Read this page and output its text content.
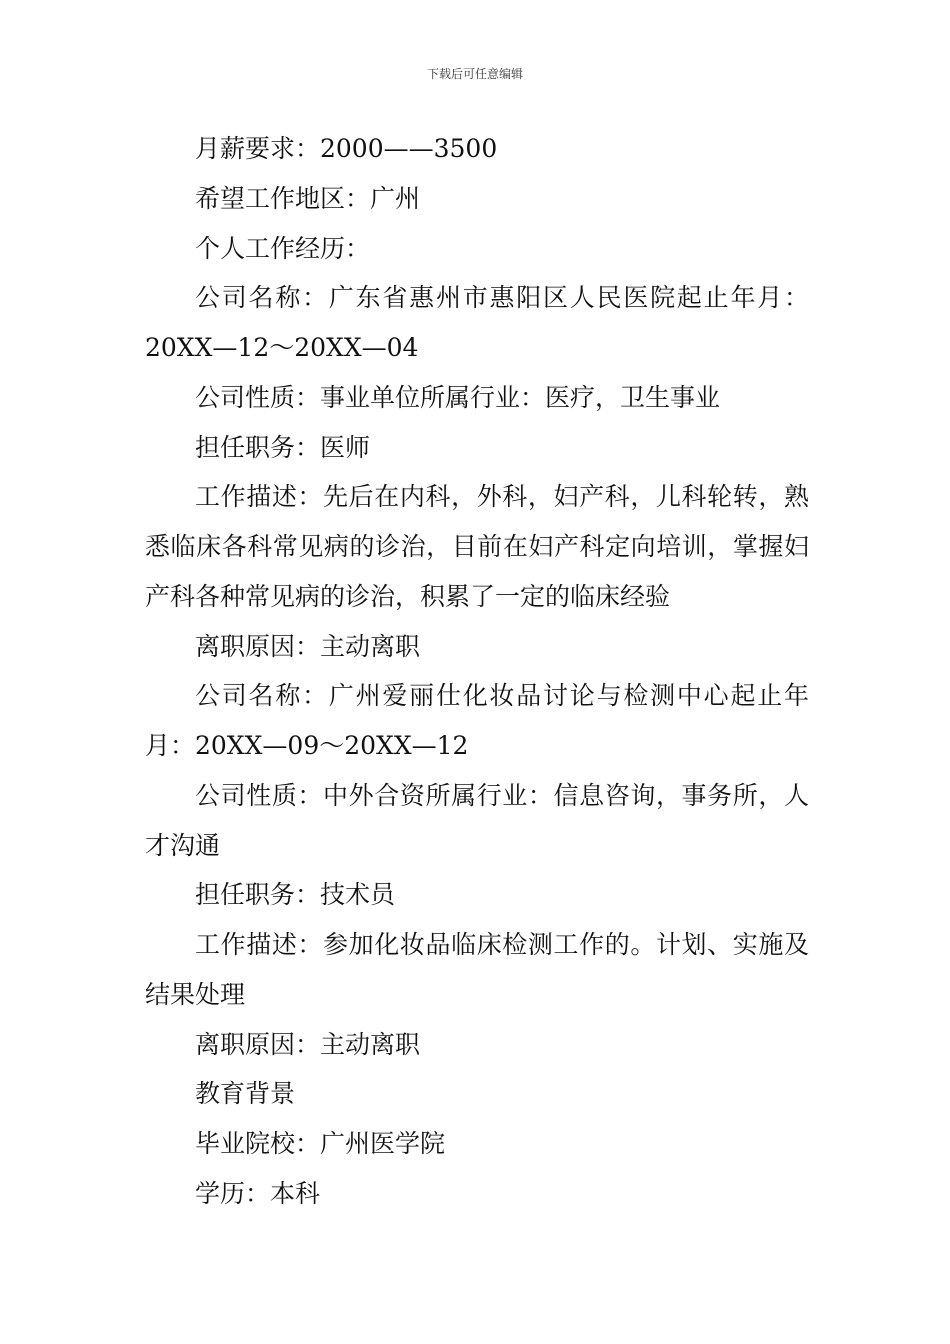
下载后可任意编辑

月薪要求：2000——3500

希望工作地区：广州

个人工作经历：

公司名称：广东省惠州市惠阳区人民医院起止年月：20XX—12～20XX—04

公司性质：事业单位所属行业：医疗，卫生事业

担任职务：医师

工作描述：先后在内科，外科，妇产科，儿科轮转，熟悉临床各科常见病的诊治，目前在妇产科定向培训，掌握妇产科各种常见病的诊治，积累了一定的临床经验

离职原因：主动离职

公司名称：广州爱丽仕化妆品讨论与检测中心起止年月：20XX—09～20XX—12

公司性质：中外合资所属行业：信息咨询，事务所，人才沟通

担任职务：技术员

工作描述：参加化妆品临床检测工作的。计划、实施及结果处理

离职原因：主动离职

教育背景

毕业院校：广州医学院

学历：本科
